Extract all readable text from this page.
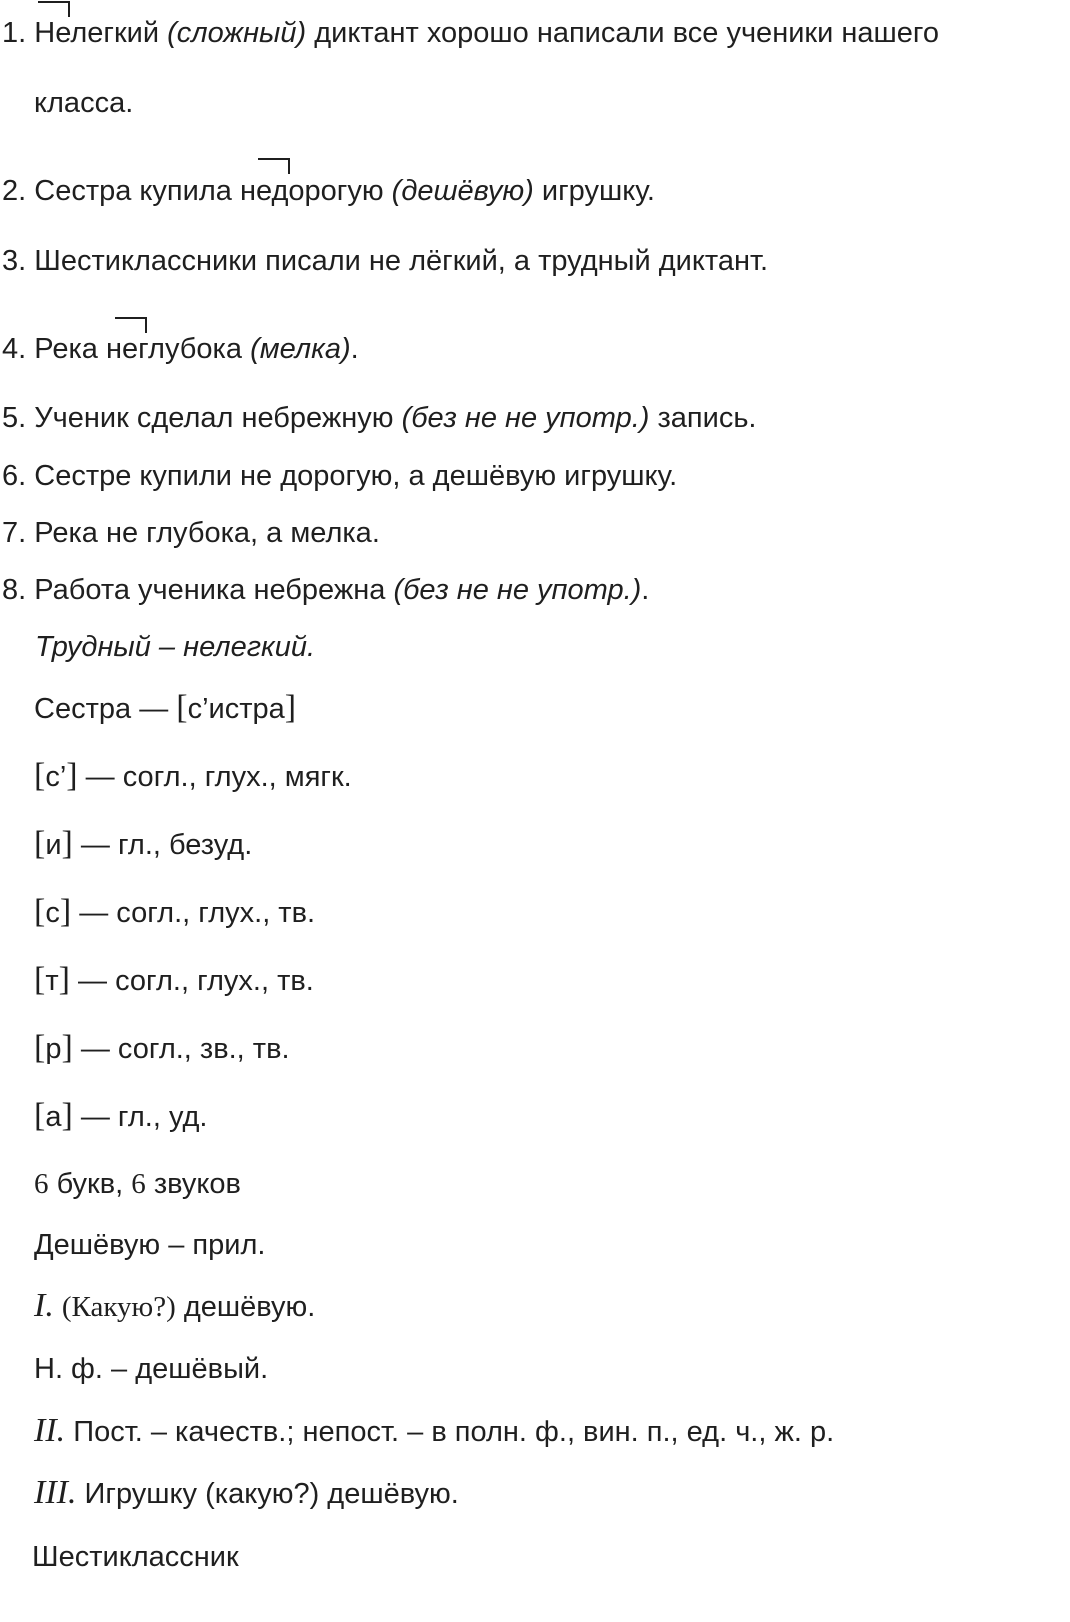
1. Нелегкий (сложный) диктант хорошо написали все ученики нашего
класса.
2. Сестра купила недорогую (дешёвую) игрушку.
3. Шестиклассники писали не лёгкий, а трудный диктант.
4. Река неглубока (мелка).
5. Ученик сделал небрежную (без не не употр.) запись.
6. Сестре купили не дорогую, а дешёвую игрушку.
7. Река не глубока, а мелка.
8. Работа ученика небрежна (без не не употр.).
Трудный – нелегкий.
Сестра — [с’истра]
[с’] — согл., глух., мягк.
[и] — гл., безуд.
[с] — согл., глух., тв.
[т] — согл., глух., тв.
[р] — согл., зв., тв.
[а] — гл., уд.
6 букв, 6 звуков
Дешёвую – прил.
I. (Какую?) дешёвую.
Н. ф. – дешёвый.
II. Пост. – качеств.; непост. – в полн. ф., вин. п., ед. ч., ж. р.
III. Игрушку (какую?) дешёвую.
Шестиклассник
